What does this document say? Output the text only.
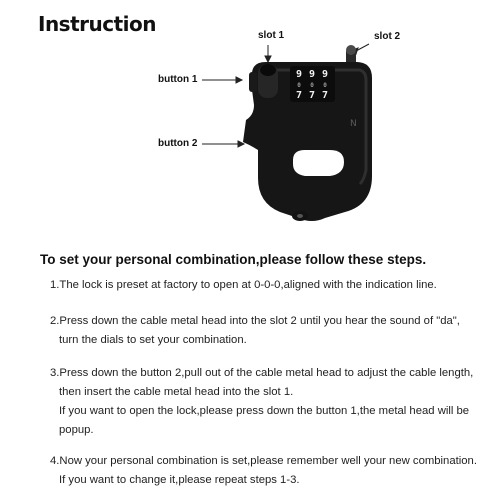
Instruction
N
9 9 9
0 0 0
7 7 7
slot 1	slot 2
button 1
button 2
To set your personal combination,please follow these steps.
1.The lock is preset at factory to open at 0-0-0,aligned with the indication line.
2.Press down the cable metal head into the slot 2 until you hear the sound of "da",
turn the dials to set your combination.
3.Press down the button 2,pull out of the cable metal head to adjust the cable length,
then insert the cable metal head into the slot 1.
If you want to open the lock,please press down the button 1,the metal head will be
popup.
4.Now your personal combination is set,please remember well your new combination.
If you want to change it,please repeat steps 1-3.
